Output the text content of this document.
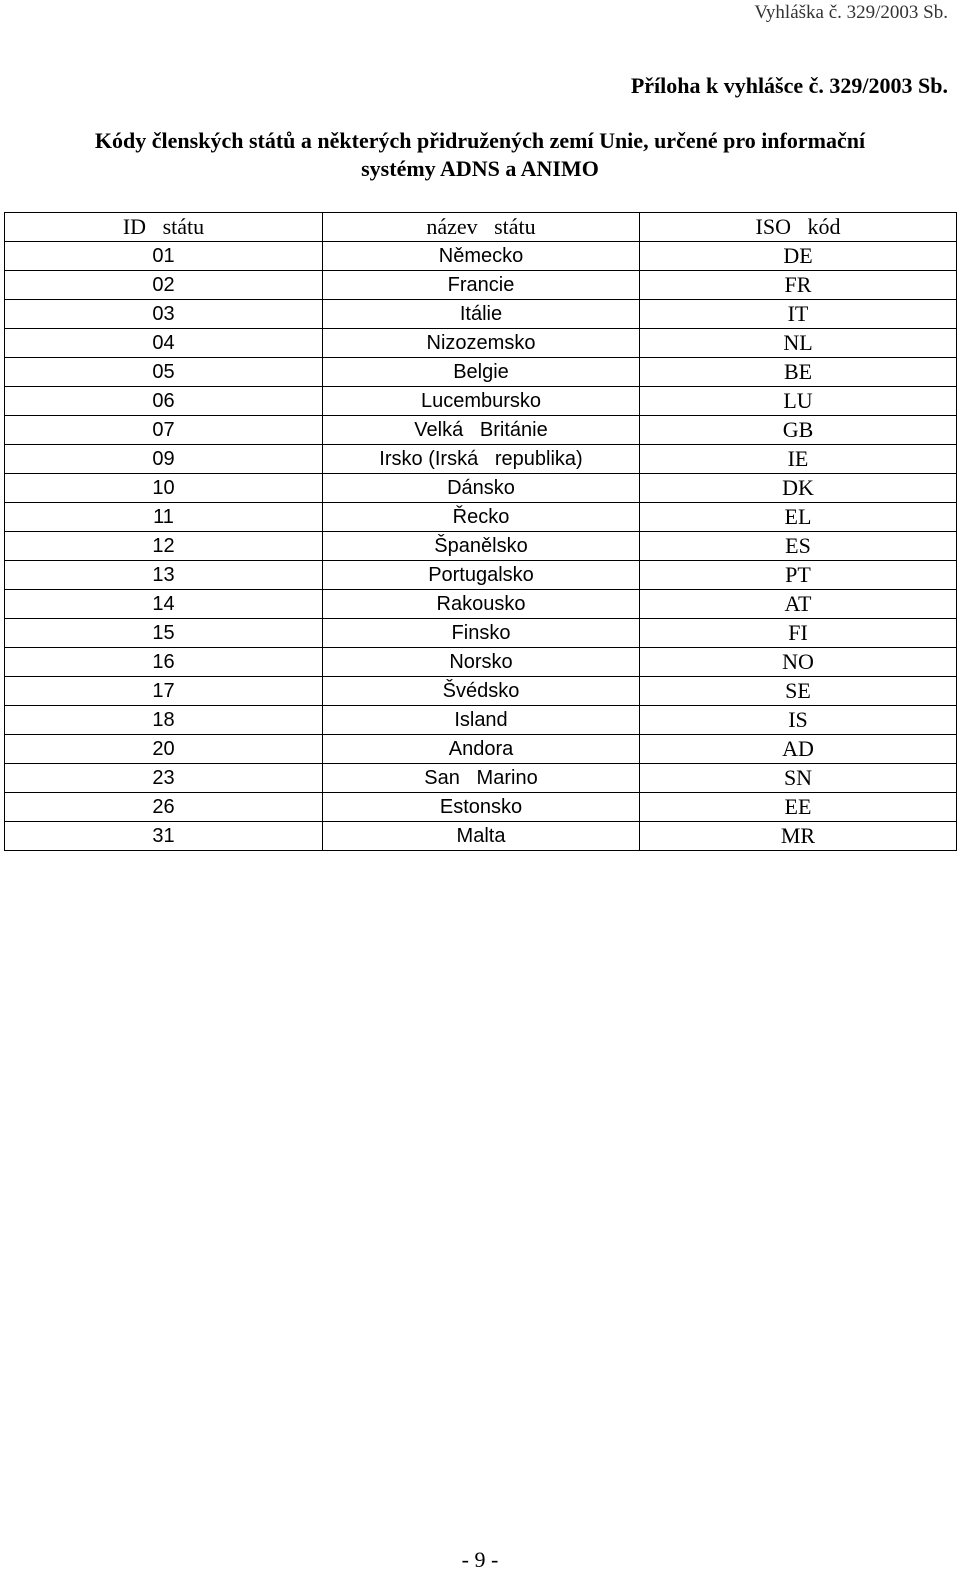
Vyhláška č. 329/2003 Sb.
Příloha k vyhlášce č. 329/2003 Sb.
Kódy členských států a některých přidružených zemí Unie, určené pro informační
systémy ADNS a ANIMO
ID   státu	název   státu	ISO   kód
01	Německo	DE
02	Francie	FR
03	Itálie	IT
04	Nizozemsko	NL
05	Belgie	BE
06	Lucembursko	LU
07	Velká   Británie	GB
09	Irsko (Irská   republika)	IE
10	Dánsko	DK
11	Řecko	EL
12	Španělsko	ES
13	Portugalsko	PT
14	Rakousko	AT
15	Finsko	FI
16	Norsko	NO
17	Švédsko	SE
18	Island	IS
20	Andora	AD
23	San   Marino	SN
26	Estonsko	EE
31	Malta	MR
- 9 -
